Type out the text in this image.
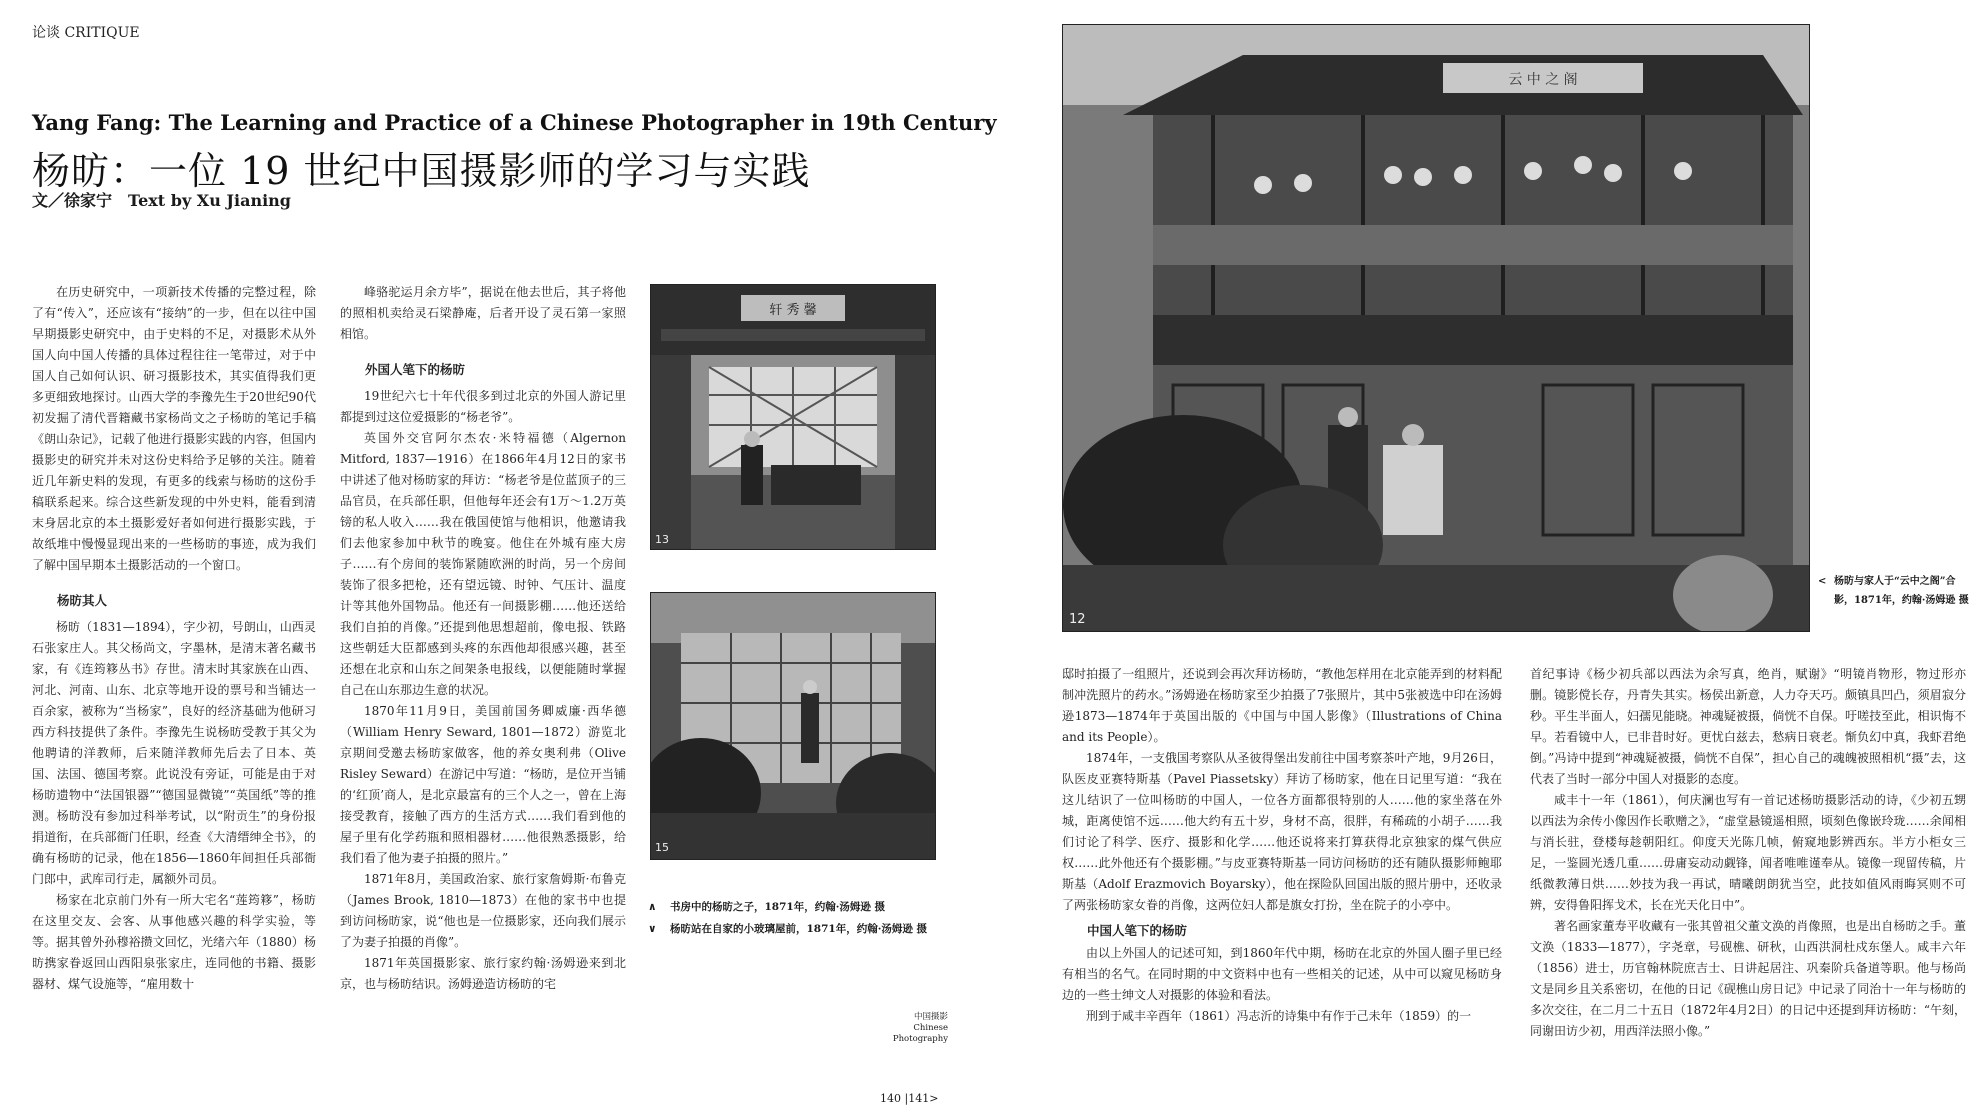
论谈 CRITIQUE
Yang Fang: The Learning and Practice of a Chinese Photographer in 19th Century
杨昉：一位 19 世纪中国摄影师的学习与实践
文／徐家宁　Text by Xu Jianing

在历史研究中，一项新技术传播的完整过程，除了有“传入”，还应该有“接纳”的一步，但在以往中国早期摄影史研究中，由于史料的不足，对摄影术从外国人向中国人传播的具体过程往往一笔带过，对于中国人自己如何认识、研习摄影技术，其实值得我们更多更细致地探讨。山西大学的李豫先生于20世纪90代初发掘了清代晋籍藏书家杨尚文之子杨昉的笔记手稿《朗山杂记》，记载了他进行摄影实践的内容，但国内摄影史的研究并未对这份史料给予足够的关注。随着近几年新史料的发现，有更多的线索与杨昉的这份手稿联系起来。综合这些新发现的中外史料，能看到清末身居北京的本土摄影爱好者如何进行摄影实践，于故纸堆中慢慢显现出来的一些杨昉的事迹，成为我们了解中国早期本土摄影活动的一个窗口。

杨昉其人

杨昉（1831—1894），字少初，号朗山，山西灵石张家庄人。其父杨尚文，字墨林，是清末著名藏书家，有《连筠簃丛书》存世。清末时其家族在山西、河北、河南、山东、北京等地开设的票号和当铺达一百余家，被称为“当杨家”，良好的经济基础为他研习西方科技提供了条件。李豫先生说杨昉受教于其父为他聘请的洋教师，后来随洋教师先后去了日本、英国、法国、德国考察。此说没有旁证，可能是由于对杨昉遗物中“法国银器”“德国显微镜”“英国纸”等的推测。杨昉没有参加过科举考试，以“附贡生”的身份报捐道衔，在兵部衙门任职，经查《大清缙绅全书》，的确有杨昉的记录，他在1856—1860年间担任兵部衙门郎中，武库司行走，属额外司员。

杨家在北京前门外有一所大宅名“莲筠簃”，杨昉在这里交友、会客、从事他感兴趣的科学实验，等等。据其曾外孙穆裕攒文回忆，光绪六年（1880）杨昉携家眷返回山西阳泉张家庄，连同他的书籍、摄影器材、煤气设施等，“雇用数十

峰骆驼运月余方毕”，据说在他去世后，其子将他的照相机卖给灵石梁静庵，后者开设了灵石第一家照相馆。

外国人笔下的杨昉

19世纪六七十年代很多到过北京的外国人游记里都提到过这位爱摄影的“杨老爷”。

英国外交官阿尔杰农·米特福德（Algernon Mitford, 1837—1916）在1866年4月12日的家书中讲述了他对杨昉家的拜访：“杨老爷是位蓝顶子的三品官员，在兵部任职，但他每年还会有1万～1.2万英镑的私人收入……我在俄国使馆与他相识，他邀请我们去他家参加中秋节的晚宴。他住在外城有座大房子……有个房间的装饰紧随欧洲的时尚，另一个房间装饰了很多把枪，还有望远镜、时钟、气压计、温度计等其他外国物品。他还有一间摄影棚……他还送给我们自拍的肖像。”还提到他思想超前，像电报、铁路这些朝廷大臣都感到头疼的东西他却很感兴趣，甚至还想在北京和山东之间架条电报线，以便能随时掌握自己在山东那边生意的状况。

1870年11月9日，美国前国务卿威廉·西华德（William Henry Seward, 1801—1872）游览北京期间受邀去杨昉家做客，他的养女奥利弗（Olive Risley Seward）在游记中写道：“杨昉，是位开当铺的‘红顶’商人，是北京最富有的三个人之一，曾在上海接受教育，接触了西方的生活方式……我们看到他的屋子里有化学药瓶和照相器材……他很熟悉摄影，给我们看了他为妻子拍摄的照片。”

1871年8月，美国政治家、旅行家詹姆斯·布鲁克（James Brook, 1810—1873）在他的家书中也提到访问杨昉家，说“他也是一位摄影家，还向我们展示了为妻子拍摄的肖像”。

1871年英国摄影家、旅行家约翰·汤姆逊来到北京，也与杨昉结识。汤姆逊造访杨昉的宅

轩 秀 馨
13
15
∧ 书房中的杨昉之子，1871年，约翰·汤姆逊 摄
∨ 杨昉站在自家的小玻璃屋前，1871年，约翰·汤姆逊 摄
中国摄影
Chinese
Photography
140 |141>
云 中 之 阁
12
< 杨昉与家人于“云中之阁”合影，1871年，约翰·汤姆逊 摄

邸时拍摄了一组照片，还说到会再次拜访杨昉，“教他怎样用在北京能弄到的材料配制冲洗照片的药水。”汤姆逊在杨昉家至少拍摄了7张照片，其中5张被选中印在汤姆逊1873—1874年于英国出版的《中国与中国人影像》（Illustrations of China and its People）。

1874年，一支俄国考察队从圣彼得堡出发前往中国考察茶叶产地，9月26日，队医皮亚赛特斯基（Pavel Piassetsky）拜访了杨昉家，他在日记里写道：“我在这儿结识了一位叫杨昉的中国人，一位各方面都很特别的人……他的家坐落在外城，距离使馆不远……他大约有五十岁，身材不高，很胖，有稀疏的小胡子……我们讨论了科学、医疗、摄影和化学……他还说将来打算获得北京独家的煤气供应权……此外他还有个摄影棚。”与皮亚赛特斯基一同访问杨昉的还有随队摄影师鲍耶斯基（Adolf Erazmovich Boyarsky），他在探险队回国出版的照片册中，还收录了两张杨昉家女眷的肖像，这两位妇人都是旗女打扮，坐在院子的小亭中。

中国人笔下的杨昉

由以上外国人的记述可知，到1860年代中期，杨昉在北京的外国人圈子里已经有相当的名气。在同时期的中文资料中也有一些相关的记述，从中可以窥见杨昉身边的一些士绅文人对摄影的体验和看法。

刑到于咸丰辛酉年（1861）冯志沂的诗集中有作于己未年（1859）的一

首纪事诗《杨少初兵部以西法为余写真，绝肖，赋谢》“明镜肖物形，物过形亦删。镜影傥长存，丹青失其实。杨侯出新意，人力夺天巧。颇镇具凹凸，须眉寂分秒。平生半面人，妇孺见能晓。神魂疑被摄，倘恍不自保。吁嗟技至此，相识悔不早。若看镜中人，已非昔时好。更忧白兹去，愁病日衰老。惭负幻中真，我虾君绝倒。”冯诗中提到“神魂疑被摄，倘恍不自保”，担心自己的魂魄被照相机“摄”去，这代表了当时一部分中国人对摄影的态度。

咸丰十一年（1861），何庆澜也写有一首记述杨昉摄影活动的诗，《少初五甥以西法为余传小像因作长歌赠之》，“虚堂悬镜遥相照，顷刻色像嵌玲珑……余闻相与消长驻，登楼每趁朝阳红。仰度天光陈几帧，俯窥地影辨西东。半方小柜女三足，一鉴圆光透几重……毋庸妄动动觑锋，闻者唯唯谨奉从。镜像一现留传稿，片纸微教薄日烘……妙技为我一再试，晴曦朗朗犹当空，此技如值风雨晦冥则不可辨，安得鲁阳挥戈术，长在光天化日中”。

著名画家董寿平收藏有一张其曾祖父董文涣的肖像照，也是出自杨昉之手。董文涣（1833—1877），字尧章，号砚樵、研秋，山西洪洞杜戍东堡人。咸丰六年（1856）进士，历官翰林院庶吉士、日讲起居注、巩秦阶兵备道等职。他与杨尚文是同乡且关系密切，在他的日记《砚樵山房日记》中记录了同治十一年与杨昉的多次交往，在二月二十五日（1872年4月2日）的日记中还提到拜访杨昉：“午刻，同谢田访少初，用西洋法照小像。”
